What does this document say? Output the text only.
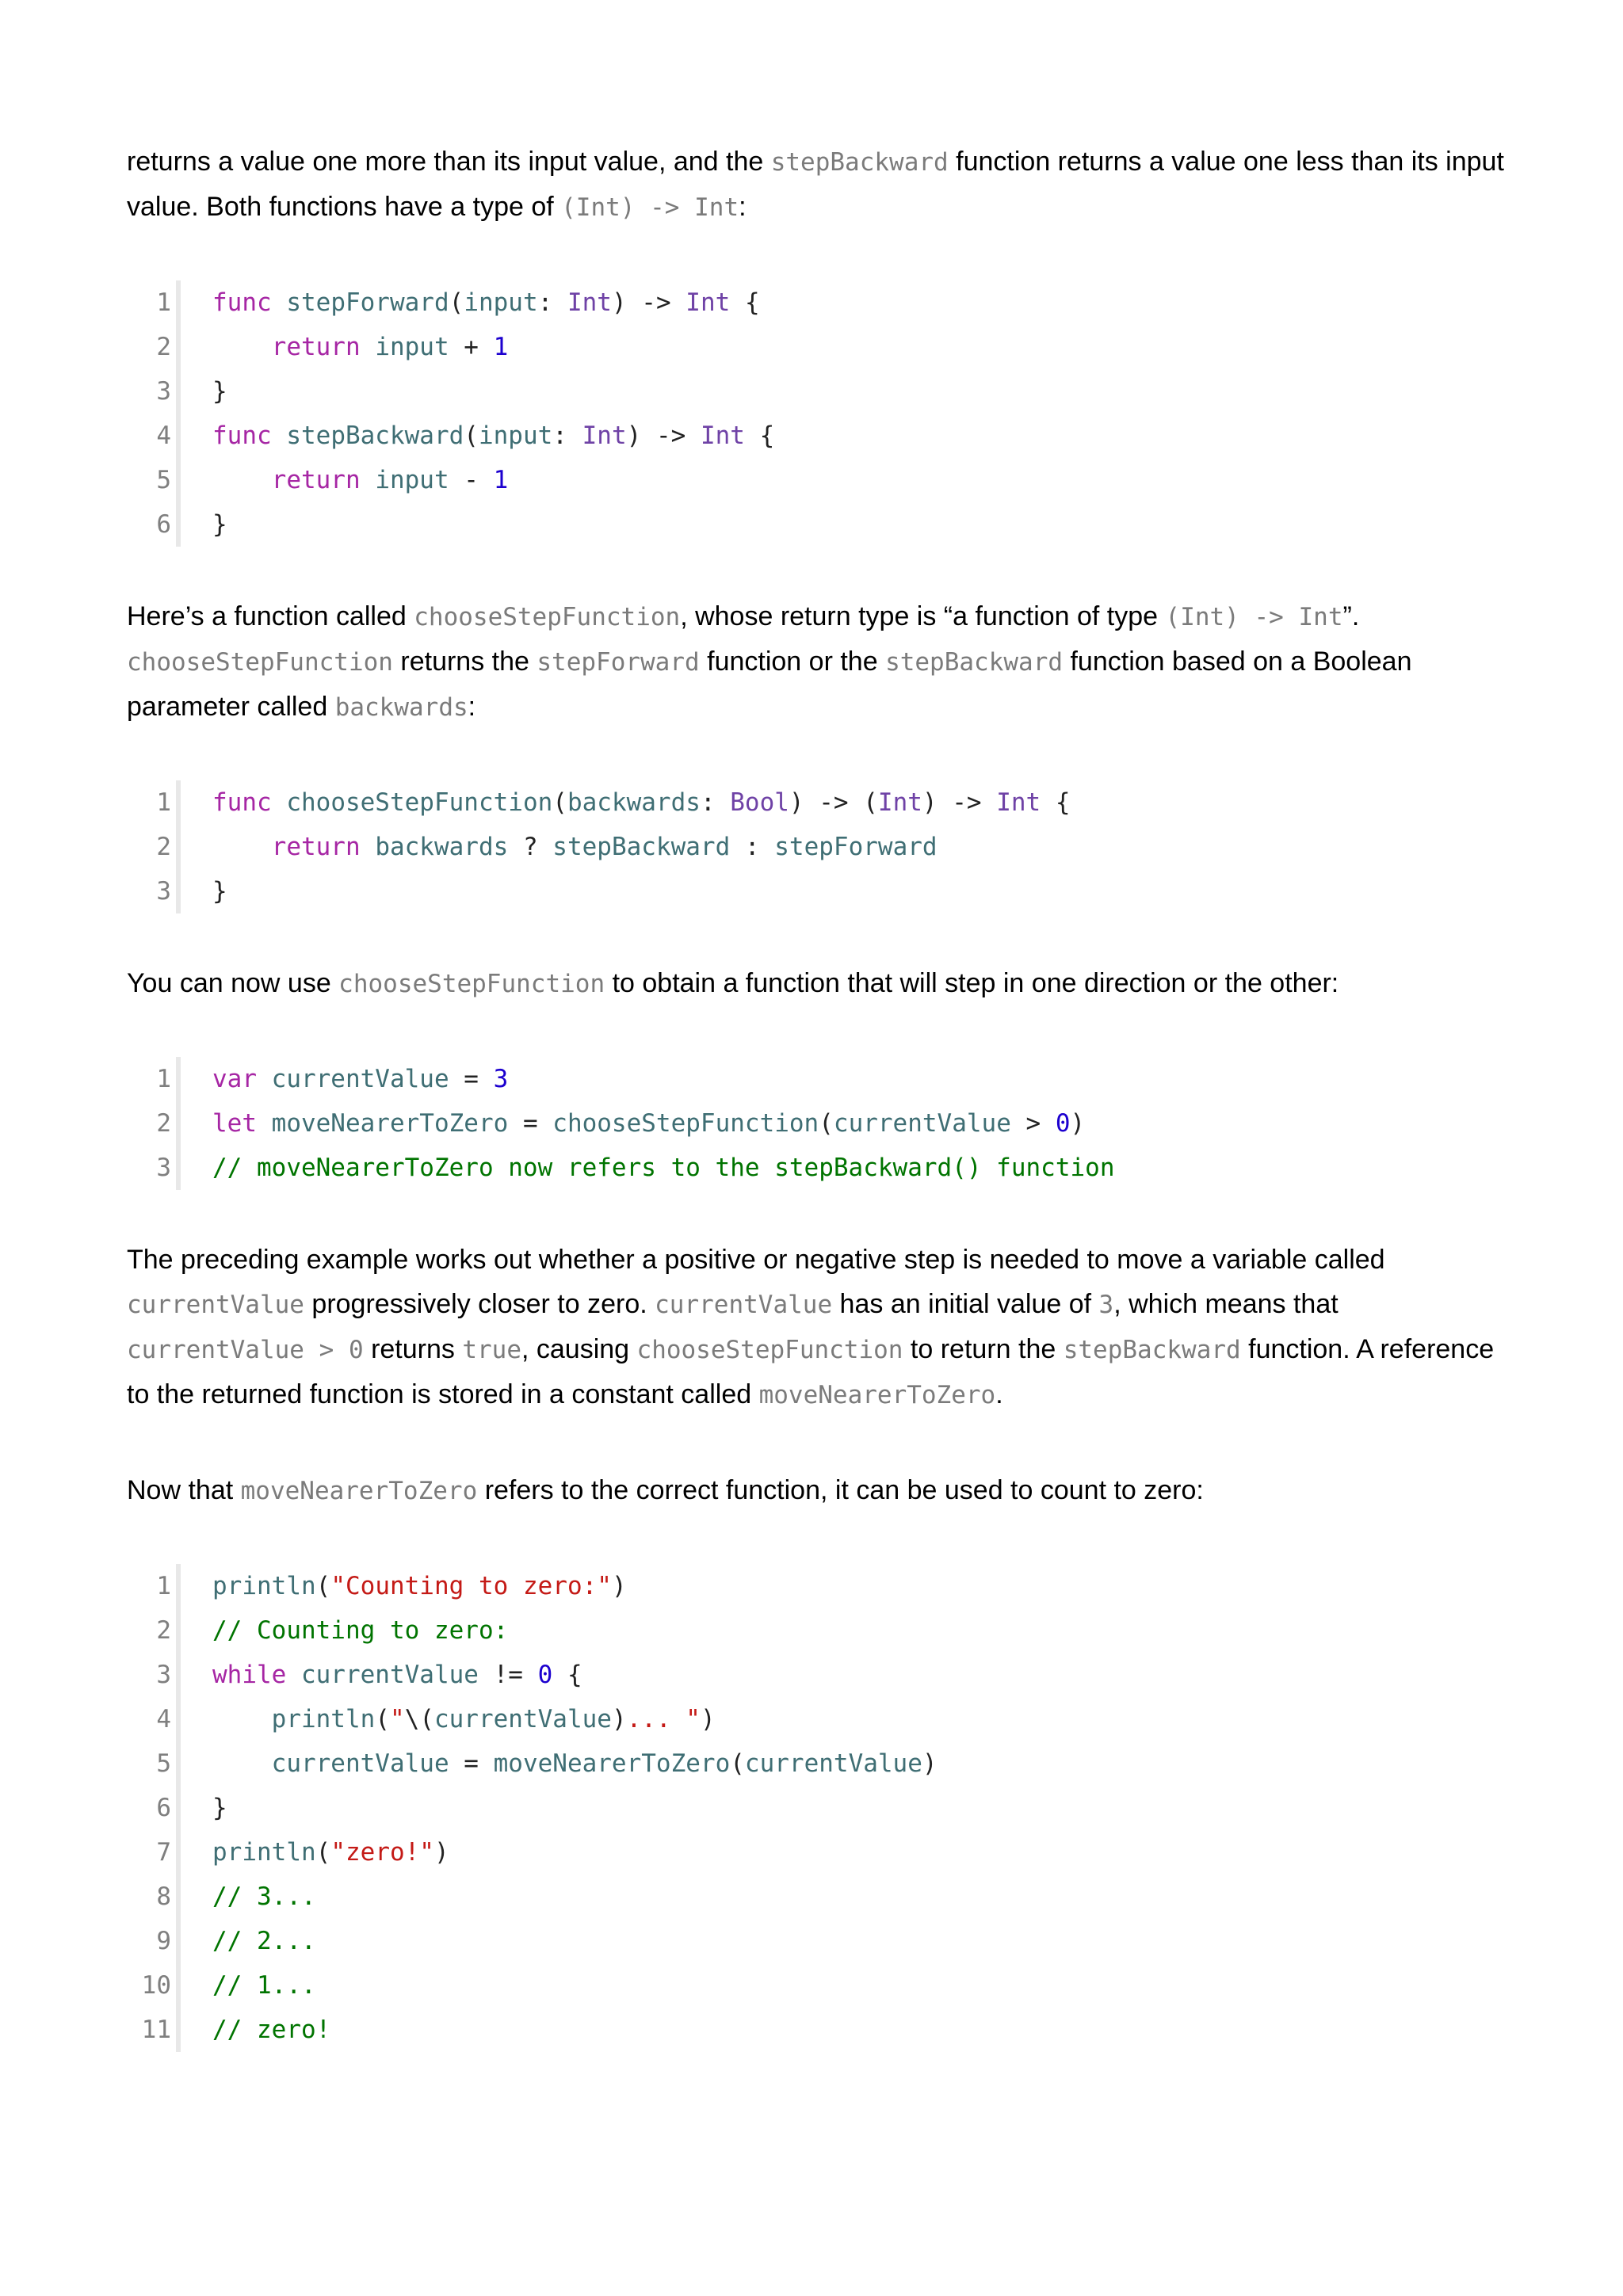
returns a value one more than its input value, and the stepBackward function returns a value one less than its input value. Both functions have a type of (Int) -> Int:

1 func stepForward(input: Int) -> Int {
2	return input + 1
3 }
4 func stepBackward(input: Int) -> Int {
5	return input - 1
6 }

Here’s a function called chooseStepFunction, whose return type is “a function of type (Int) -> Int”. chooseStepFunction returns the stepForward function or the stepBackward function based on a Boolean parameter called backwards:

1 func chooseStepFunction(backwards: Bool) -> (Int) -> Int {
2	return backwards ? stepBackward : stepForward
3 }

You can now use chooseStepFunction to obtain a function that will step in one direction or the other:

1 var currentValue = 3
2 let moveNearerToZero = chooseStepFunction(currentValue > 0)
3 // moveNearerToZero now refers to the stepBackward() function

The preceding example works out whether a positive or negative step is needed to move a variable called currentValue progressively closer to zero. currentValue has an initial value of 3, which means that currentValue > 0 returns true, causing chooseStepFunction to return the stepBackward function. A reference to the returned function is stored in a constant called moveNearerToZero.

Now that moveNearerToZero refers to the correct function, it can be used to count to zero:

1 println("Counting to zero:")
2 // Counting to zero:
3 while currentValue != 0 {
4	println("\(currentValue)... ")
5	currentValue = moveNearerToZero(currentValue)
6 }
7 println("zero!")
8 // 3...
9 // 2...
10 // 1...
11 // zero!
